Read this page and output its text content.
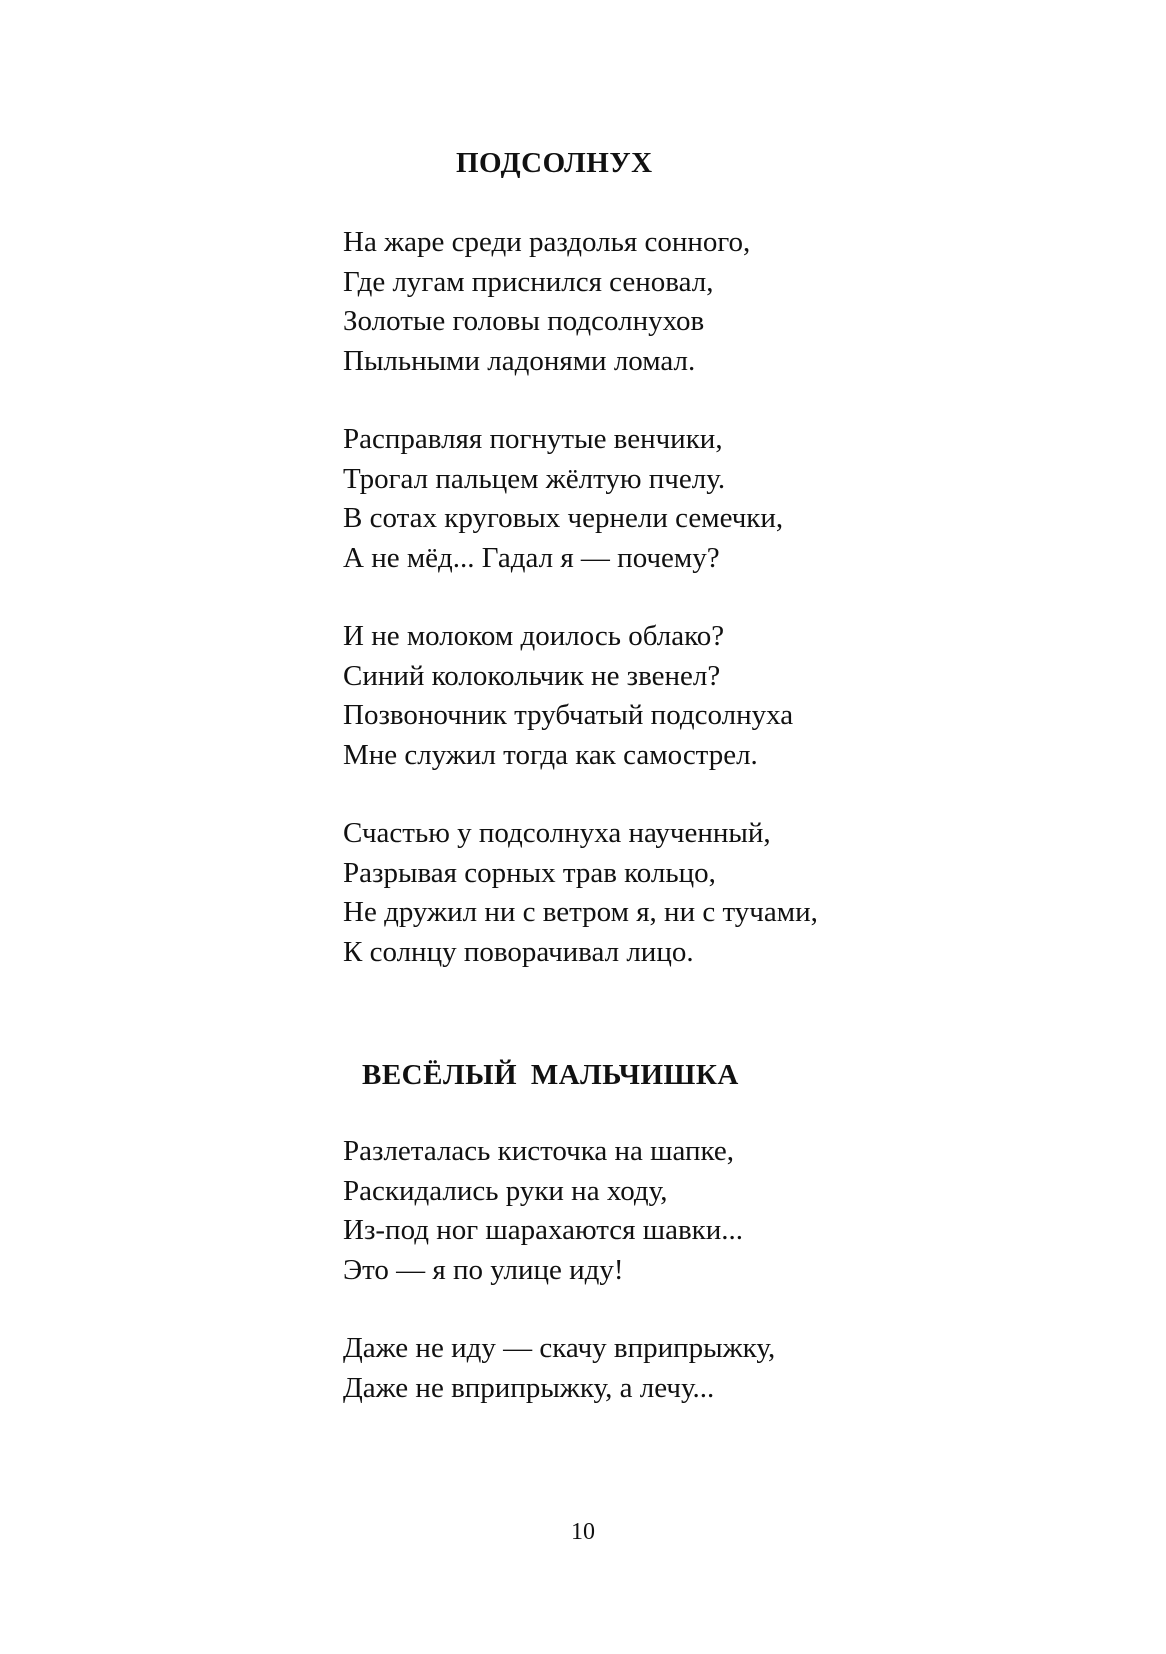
ПОДСОЛНУХ

На жаре среди раздолья сонного,
Где лугам приснился сеновал,
Золотые головы подсолнухов
Пыльными ладонями ломал.

Расправляя погнутые венчики,
Трогал пальцем жёлтую пчелу.
В сотах круговых чернели семечки,
А не мёд... Гадал я — почему?

И не молоком доилось облако?
Синий колокольчик не звенел?
Позвоночник трубчатый подсолнуха
Мне служил тогда как самострел.

Счастью у подсолнуха наученный,
Разрывая сорных трав кольцо,
Не дружил ни с ветром я, ни с тучами,
К солнцу поворачивал лицо.

ВЕСЁЛЫЙ МАЛЬЧИШКА

Разлеталась кисточка на шапке,
Раскидались руки на ходу,
Из-под ног шарахаются шавки...
Это — я по улице иду!

Даже не иду — скачу вприпрыжку,
Даже не вприпрыжку, а лечу...

10
